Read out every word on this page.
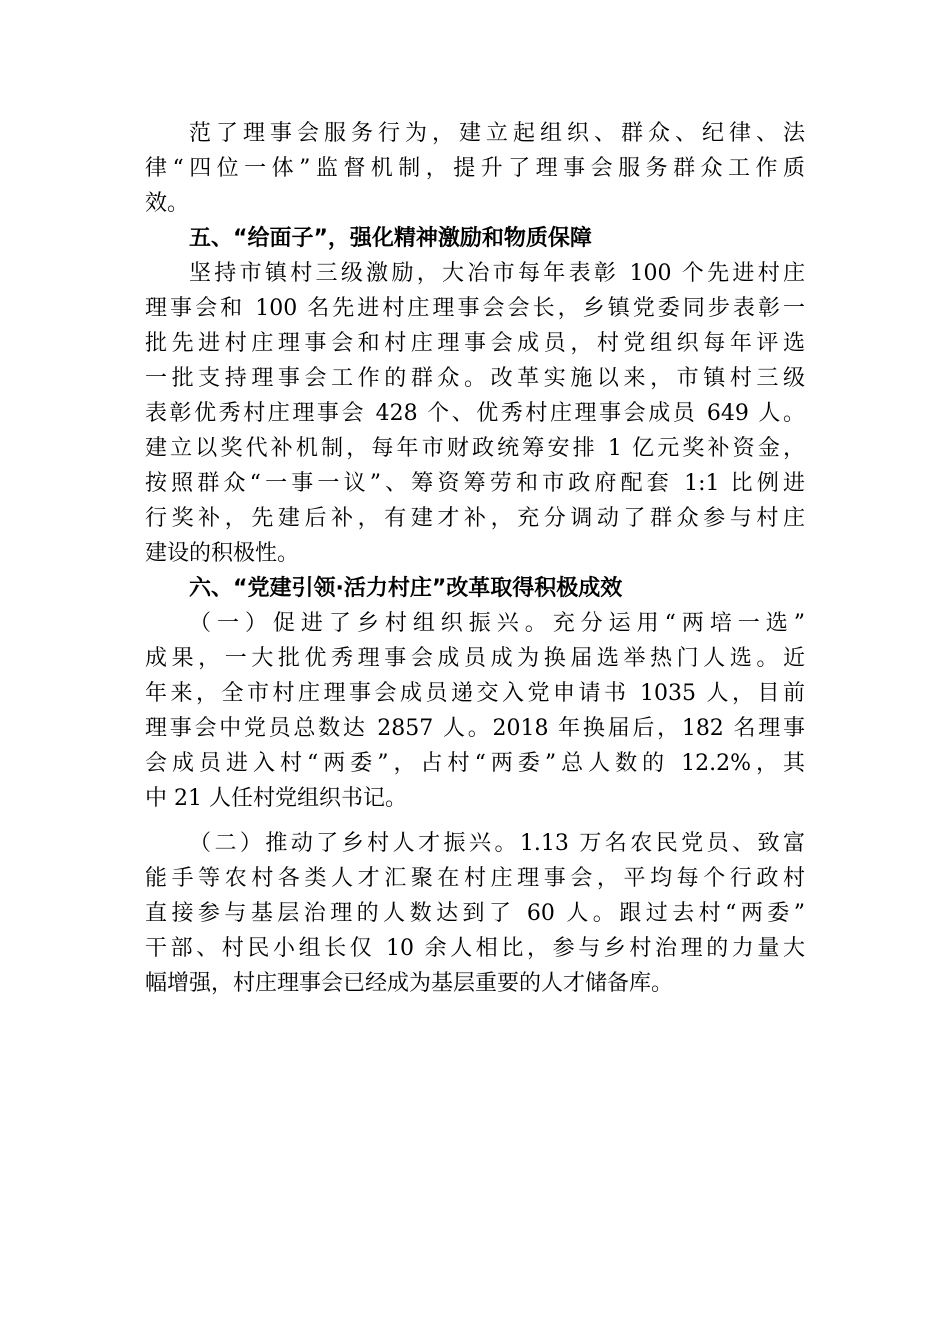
范了理事会服务行为，建立起组织、群众、纪律、法
律“四位一体”监督机制，提升了理事会服务群众工作质
效。
五、“给面子”，强化精神激励和物质保障
坚持市镇村三级激励，大冶市每年表彰 100 个先进村庄
理事会和 100 名先进村庄理事会会长，乡镇党委同步表彰一
批先进村庄理事会和村庄理事会成员，村党组织每年评选
一批支持理事会工作的群众。改革实施以来，市镇村三级
表彰优秀村庄理事会 428 个、优秀村庄理事会成员 649 人。
建立以奖代补机制，每年市财政统筹安排 1 亿元奖补资金，
按照群众“一事一议”、筹资筹劳和市政府配套 1:1 比例进
行奖补，先建后补，有建才补，充分调动了群众参与村庄
建设的积极性。
六、“党建引领·活力村庄”改革取得积极成效
（一）促进了乡村组织振兴。充分运用“两培一选”
成果，一大批优秀理事会成员成为换届选举热门人选。近
年来，全市村庄理事会成员递交入党申请书 1035 人，目前
理事会中党员总数达 2857 人。2018 年换届后，182 名理事
会成员进入村“两委”，占村“两委”总人数的 12.2%，其
中 21 人任村党组织书记。
（二）推动了乡村人才振兴。1.13 万名农民党员、致富
能手等农村各类人才汇聚在村庄理事会，平均每个行政村
直接参与基层治理的人数达到了 60 人。跟过去村“两委”
干部、村民小组长仅 10 余人相比，参与乡村治理的力量大
幅增强，村庄理事会已经成为基层重要的人才储备库。
